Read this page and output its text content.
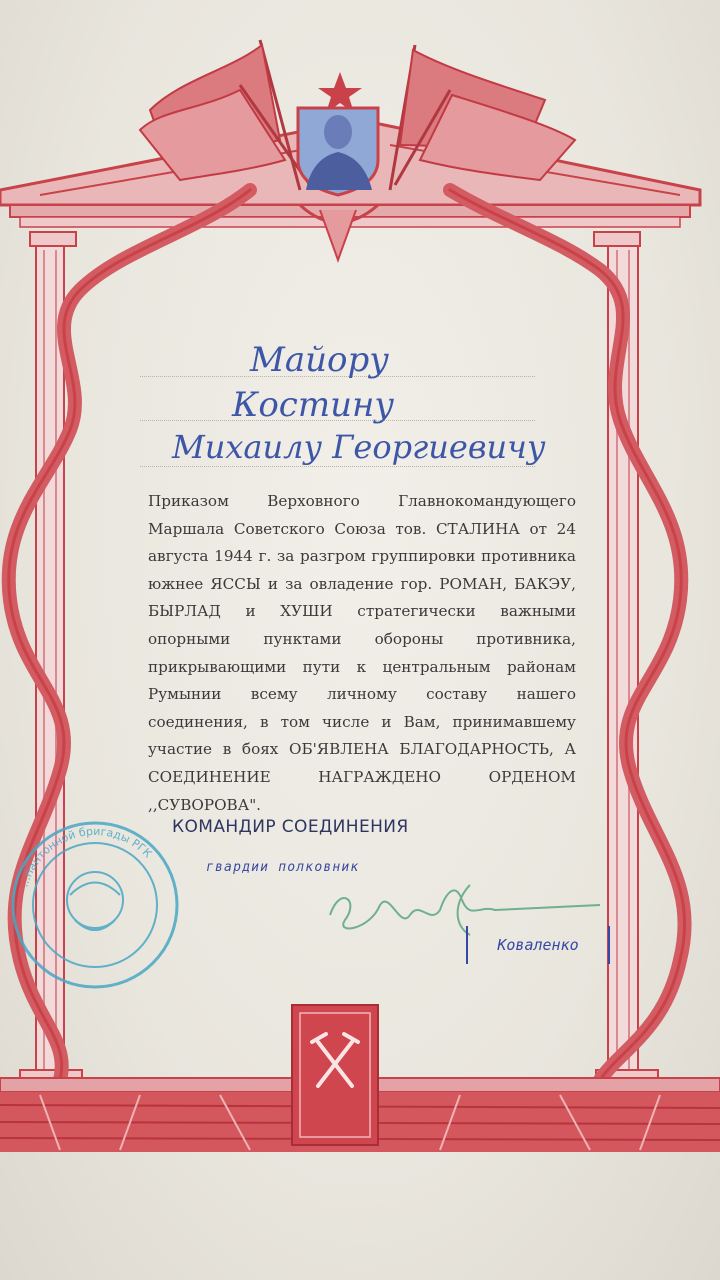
...пантонной бригады РГК
Майору
Костину
Михаилу Георгиевичу

Приказом Верховного Главнокомандующего Маршала Советского Союза тов. СТАЛИНА от 24 августа 1944 г. за разгром группировки противника южнее ЯССЫ и за овладение гор. РОМАН, БАКЭУ, БЫРЛАД и ХУШИ стратегически важными опорными пунктами обороны противника, прикрывающими пути к центральным районам Румынии всему личному составу нашего соединения, в том числе и Вам, принимавшему участие в боях ОБ'ЯВЛЕНА БЛАГОДАРНОСТЬ, А СОЕДИНЕНИЕ НАГРАЖДЕНО ОРДЕНОМ ,,СУВОРОВА".

КОМАНДИР СОЕДИНЕНИЯ
гвардии полковник
Коваленко
